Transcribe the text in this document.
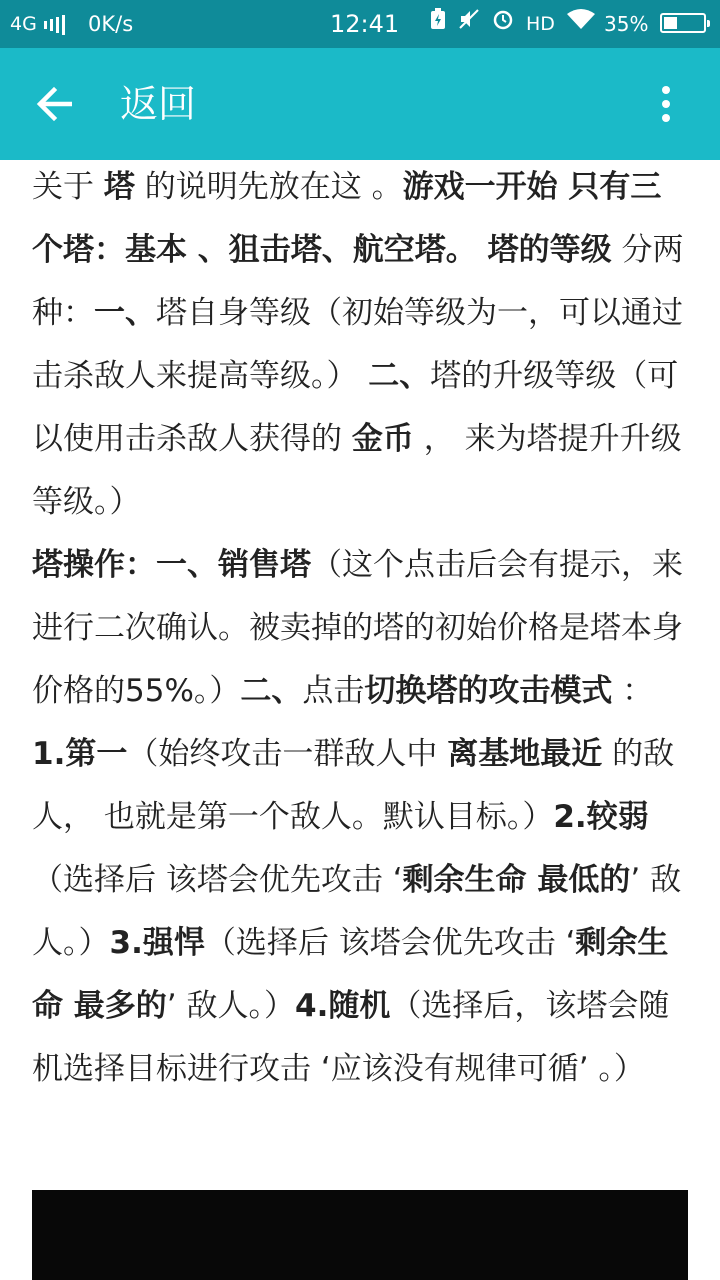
4G 0K/s	12:41	HD 35%
返回
关于 塔 的说明先放在这 。游戏一开始 只有三个塔：基本 、狙击塔、航空塔。 塔的等级 分两种：一、塔自身等级（初始等级为一，可以通过击杀敌人来提高等级。） 二、塔的升级等级（可以使用击杀敌人获得的 金币 ， 来为塔提升升级等级。）
塔操作：一、销售塔（这个点击后会有提示，来进行二次确认。被卖掉的塔的初始价格是塔本身价格的55%。）二、点击切换塔的攻击模式 ： 1.第一（始终攻击一群敌人中 离基地最近 的敌人， 也就是第一个敌人。默认目标。）2.较弱（选择后 该塔会优先攻击 ‘剩余生命 最低的’ 敌人。）3.强悍（选择后 该塔会优先攻击 ‘剩余生命 最多的’ 敌人。）4.随机（选择后，该塔会随机选择目标进行攻击 ‘应该没有规律可循’ 。）
